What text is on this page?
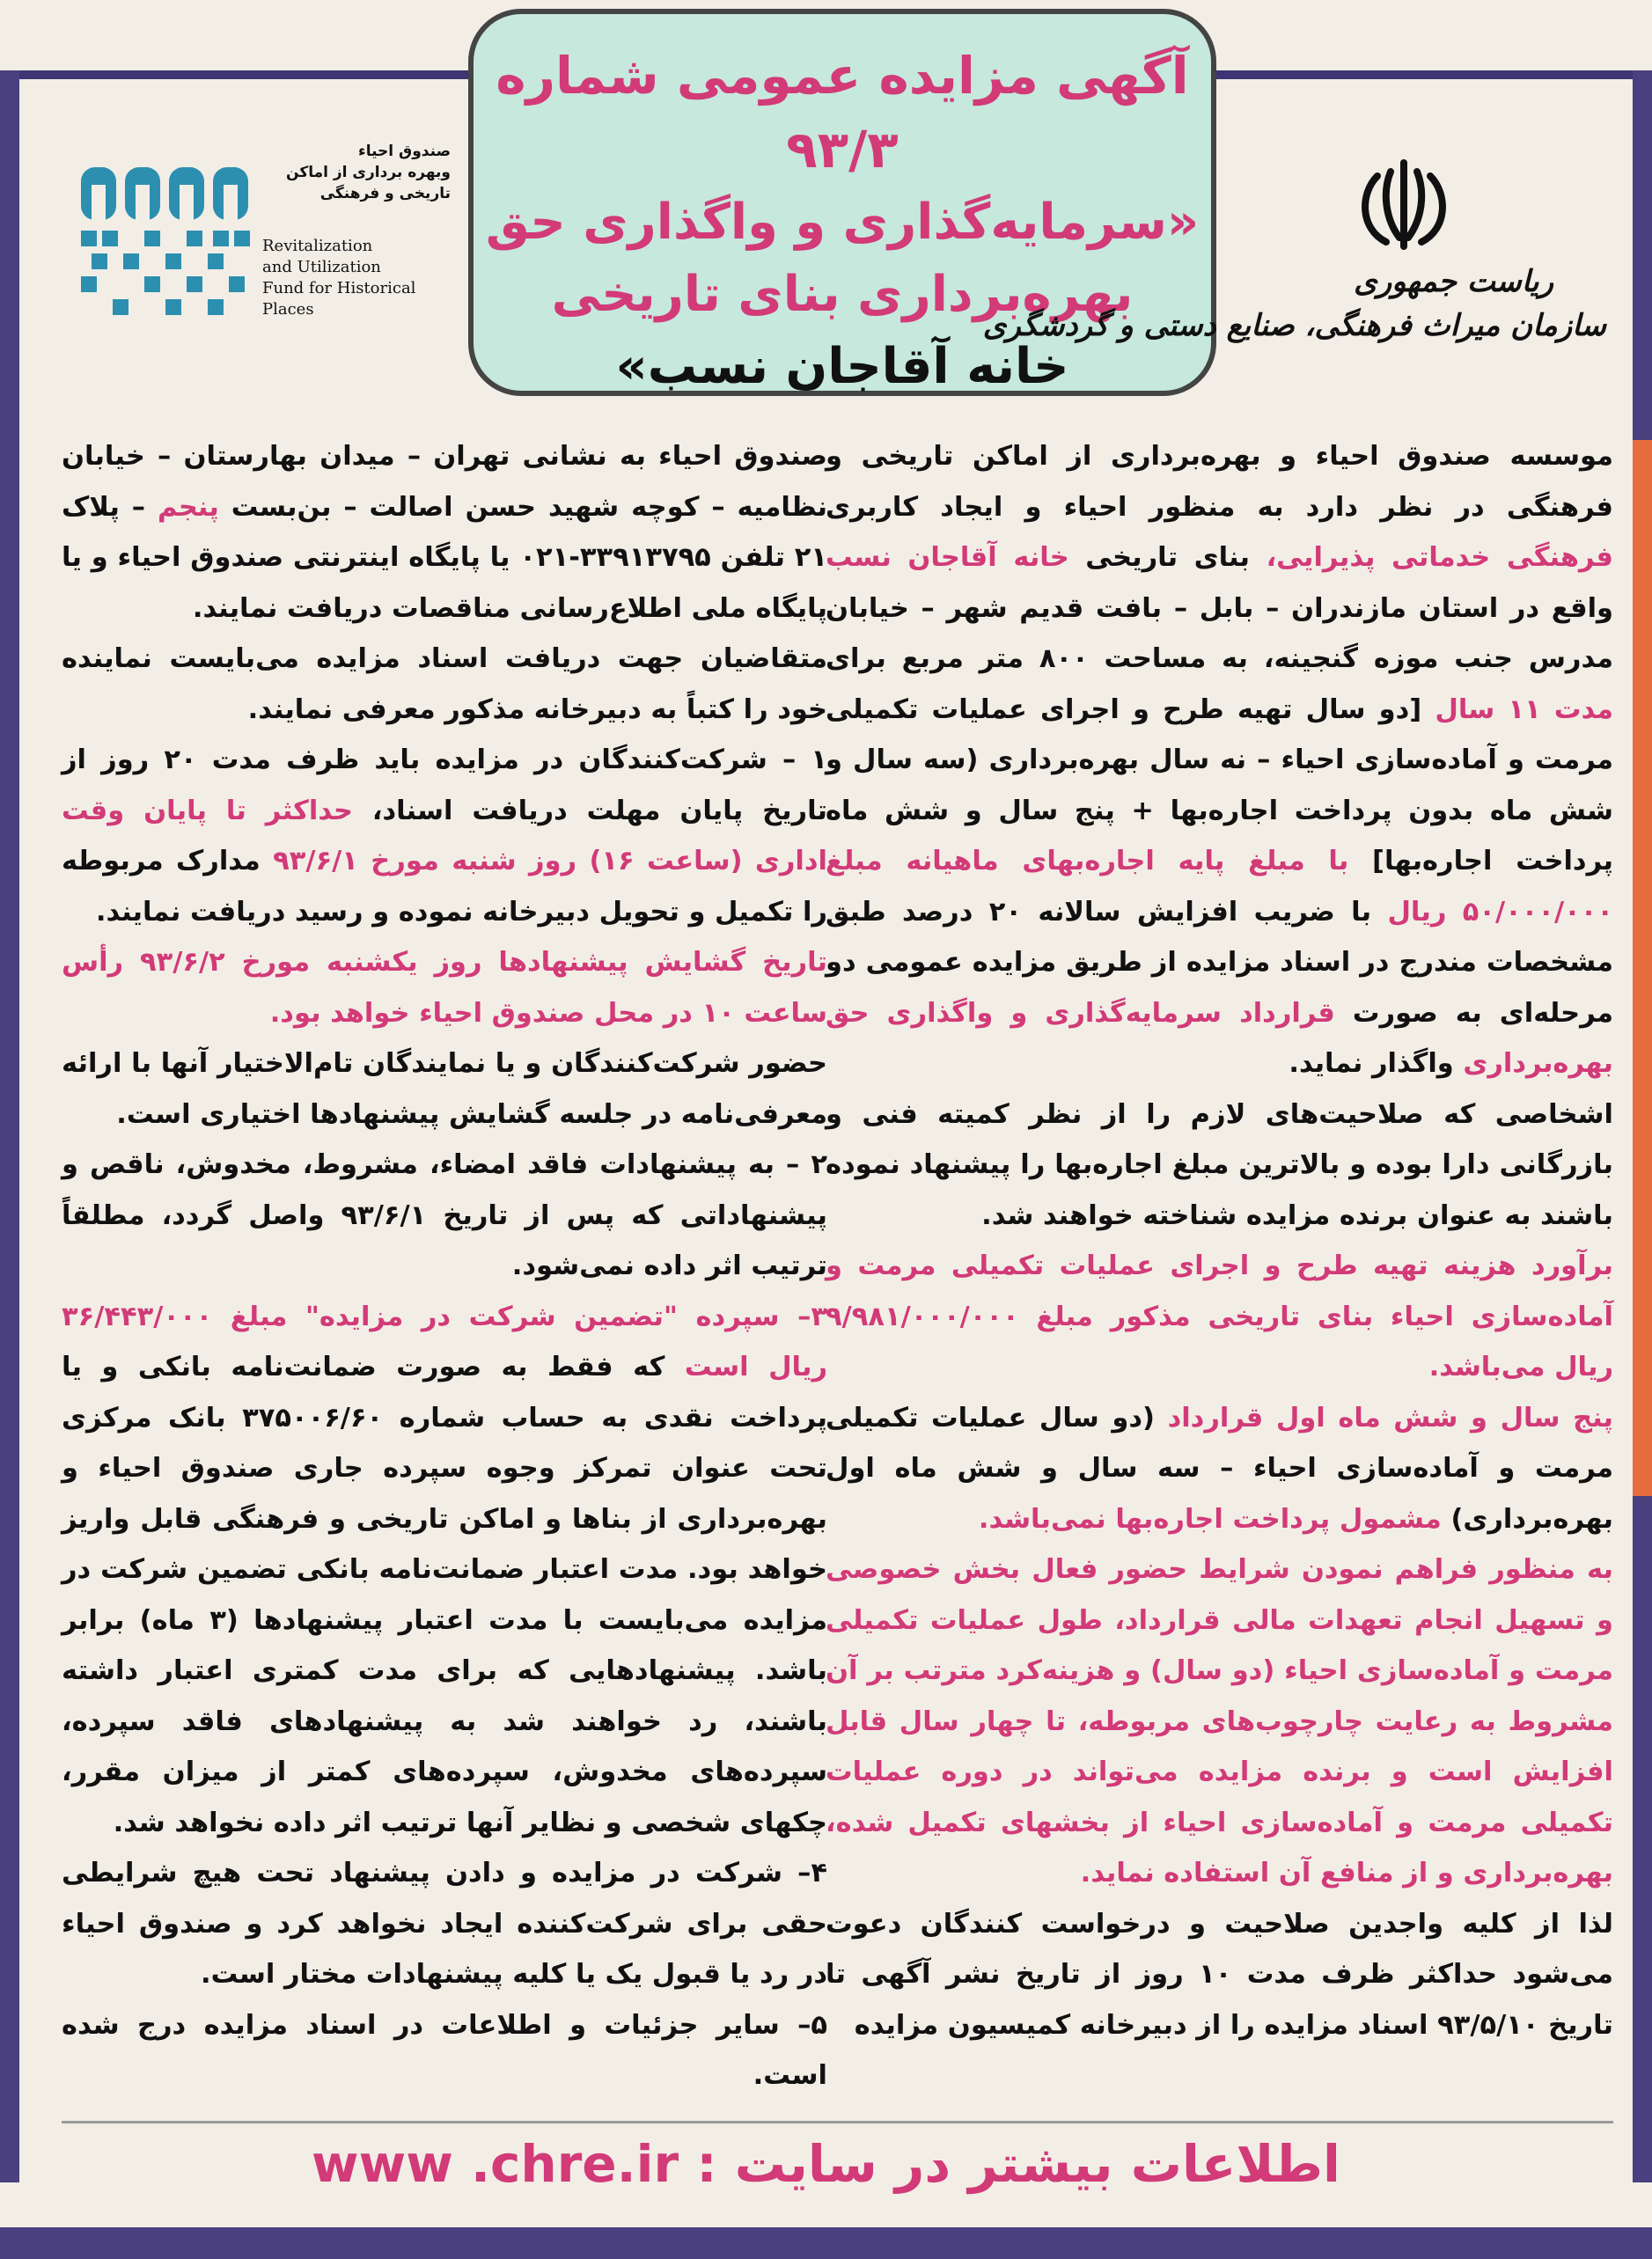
صندوق احیاء
وبهره برداری از اماکن
تاریخی و فرهنگی
Revitalization
and Utilization
Fund for Historical Places
آگهی مزایده عمومی شماره ۹۳/۳
«سرمایه‌گذاری و واگذاری حق
بهره‌برداری بنای تاریخی
خانه آقاجان نسب»
ریاست جمهوری
سازمان میراث فرهنگی، صنایع دستی و گردشگری

موسسه صندوق احیاء و بهره‌برداری از اماکن تاریخی و فرهنگی در نظر دارد به منظور احیاء و ایجاد کاربری فرهنگی خدماتی پذیرایی، بنای تاریخی خانه آقاجان نسب واقع در استان مازندران – بابل – بافت قدیم شهر – خیابان مدرس جنب موزه گنجینه، به مساحت ۸۰۰ متر مربع برای مدت ۱۱ سال [دو سال تهیه طرح و اجرای عملیات تکمیلی مرمت و آماده‌سازی احیاء – نه سال بهره‌برداری (سه سال و شش ماه بدون پرداخت اجاره‌بها + پنج سال و شش ماه پرداخت اجاره‌بها] با مبلغ پایه اجاره‌بهای ماهیانه مبلغ ۵۰/۰۰۰/۰۰۰ ریال با ضریب افزایش سالانه ۲۰ درصد طبق مشخصات مندرج در اسناد مزایده از طریق مزایده عمومی دو مرحله‌ای به صورت قرارداد سرمایه‌گذاری و واگذاری حق بهره‌برداری واگذار نماید.

اشخاصی که صلاحیت‌های لازم را از نظر کمیته فنی و بازرگانی دارا بوده و بالاترین مبلغ اجاره‌بها را پیشنهاد نموده باشند به عنوان برنده مزایده شناخته خواهند شد.

برآورد هزینه تهیه طرح و اجرای عملیات تکمیلی مرمت و آماده‌سازی احیاء بنای تاریخی مذکور مبلغ ۹/۹۸۱/۰۰۰/۰۰۰ ریال می‌باشد.

پنج سال و شش ماه اول قرارداد (دو سال عملیات تکمیلی مرمت و آماده‌سازی احیاء – سه سال و شش ماه اول بهره‌برداری) مشمول پرداخت اجاره‌بها نمی‌باشد.

به منظور فراهم نمودن شرایط حضور فعال بخش خصوصی و تسهیل انجام تعهدات مالی قرارداد، طول عملیات تکمیلی مرمت و آماده‌سازی احیاء (دو سال) و هزینه‌کرد مترتب بر آن مشروط به رعایت چارچوب‌های مربوطه، تا چهار سال قابل افزایش است و برنده مزایده می‌تواند در دوره عملیات تکمیلی مرمت و آماده‌سازی احیاء از بخشهای تکمیل شده، بهره‌برداری و از منافع آن استفاده نماید.

لذا از کلیه واجدین صلاحیت و درخواست کنندگان دعوت می‌شود حداکثر ظرف مدت ۱۰ روز از تاریخ نشر آگهی تا تاریخ ۹۳/۵/۱۰ اسناد مزایده را از دبیرخانه کمیسیون مزایده

صندوق احیاء به نشانی تهران – میدان بهارستان – خیابان نظامیه – کوچه شهید حسن اصالت – بن‌بست پنجم – پلاک ۲۱ تلفن ۳۳۹۱۳۷۹۵-۰۲۱ یا پایگاه اینترنتی صندوق احیاء و یا پایگاه ملی اطلاع‌رسانی مناقصات دریافت نمایند.

متقاضیان جهت دریافت اسناد مزایده می‌بایست نماینده خود را کتباً به دبیرخانه مذکور معرفی نمایند.

۱ – شرکت‌کنندگان در مزایده باید ظرف مدت ۲۰ روز از تاریخ پایان مهلت دریافت اسناد، حداکثر تا پایان وقت اداری (ساعت ۱۶) روز شنبه مورخ ۹۳/۶/۱ مدارک مربوطه را تکمیل و تحویل دبیرخانه نموده و رسید دریافت نمایند.

تاریخ گشایش پیشنهادها روز یکشنبه مورخ ۹۳/۶/۲ رأس ساعت ۱۰ در محل صندوق احیاء خواهد بود.

حضور شرکت‌کنندگان و یا نمایندگان تام‌الاختیار آنها با ارائه معرفی‌نامه در جلسه گشایش پیشنهادها اختیاری است.

۲ – به پیشنهادات فاقد امضاء، مشروط، مخدوش، ناقص و پیشنهاداتی که پس از تاریخ ۹۳/۶/۱ واصل گردد، مطلقاً ترتیب اثر داده نمی‌شود.

۳– سپرده "تضمین شرکت در مزایده" مبلغ ۳۶/۴۴۳/۰۰۰ ریال است که فقط به صورت ضمانت‌نامه بانکی و یا پرداخت نقدی به حساب شماره ۳۷۵۰۰۶/۶۰ بانک مرکزی تحت عنوان تمرکز وجوه سپرده جاری صندوق احیاء و بهره‌برداری از بناها و اماکن تاریخی و فرهنگی قابل واریز خواهد بود. مدت اعتبار ضمانت‌نامه بانکی تضمین شرکت در مزایده می‌بایست با مدت اعتبار پیشنهادها (۳ ماه) برابر باشد. پیشنهادهایی که برای مدت کمتری اعتبار داشته باشند، رد خواهند شد به پیشنهادهای فاقد سپرده، سپرده‌های مخدوش، سپرده‌های کمتر از میزان مقرر، چکهای شخصی و نظایر آنها ترتیب اثر داده نخواهد شد.

۴– شرکت در مزایده و دادن پیشنهاد تحت هیچ شرایطی حقی برای شرکت‌کننده ایجاد نخواهد کرد و صندوق احیاء در رد یا قبول یک یا کلیه پیشنهادات مختار است.

۵– سایر جزئیات و اطلاعات در اسناد مزایده درج شده است.

اطلاعات بیشتر در سایت : www .chre.ir
